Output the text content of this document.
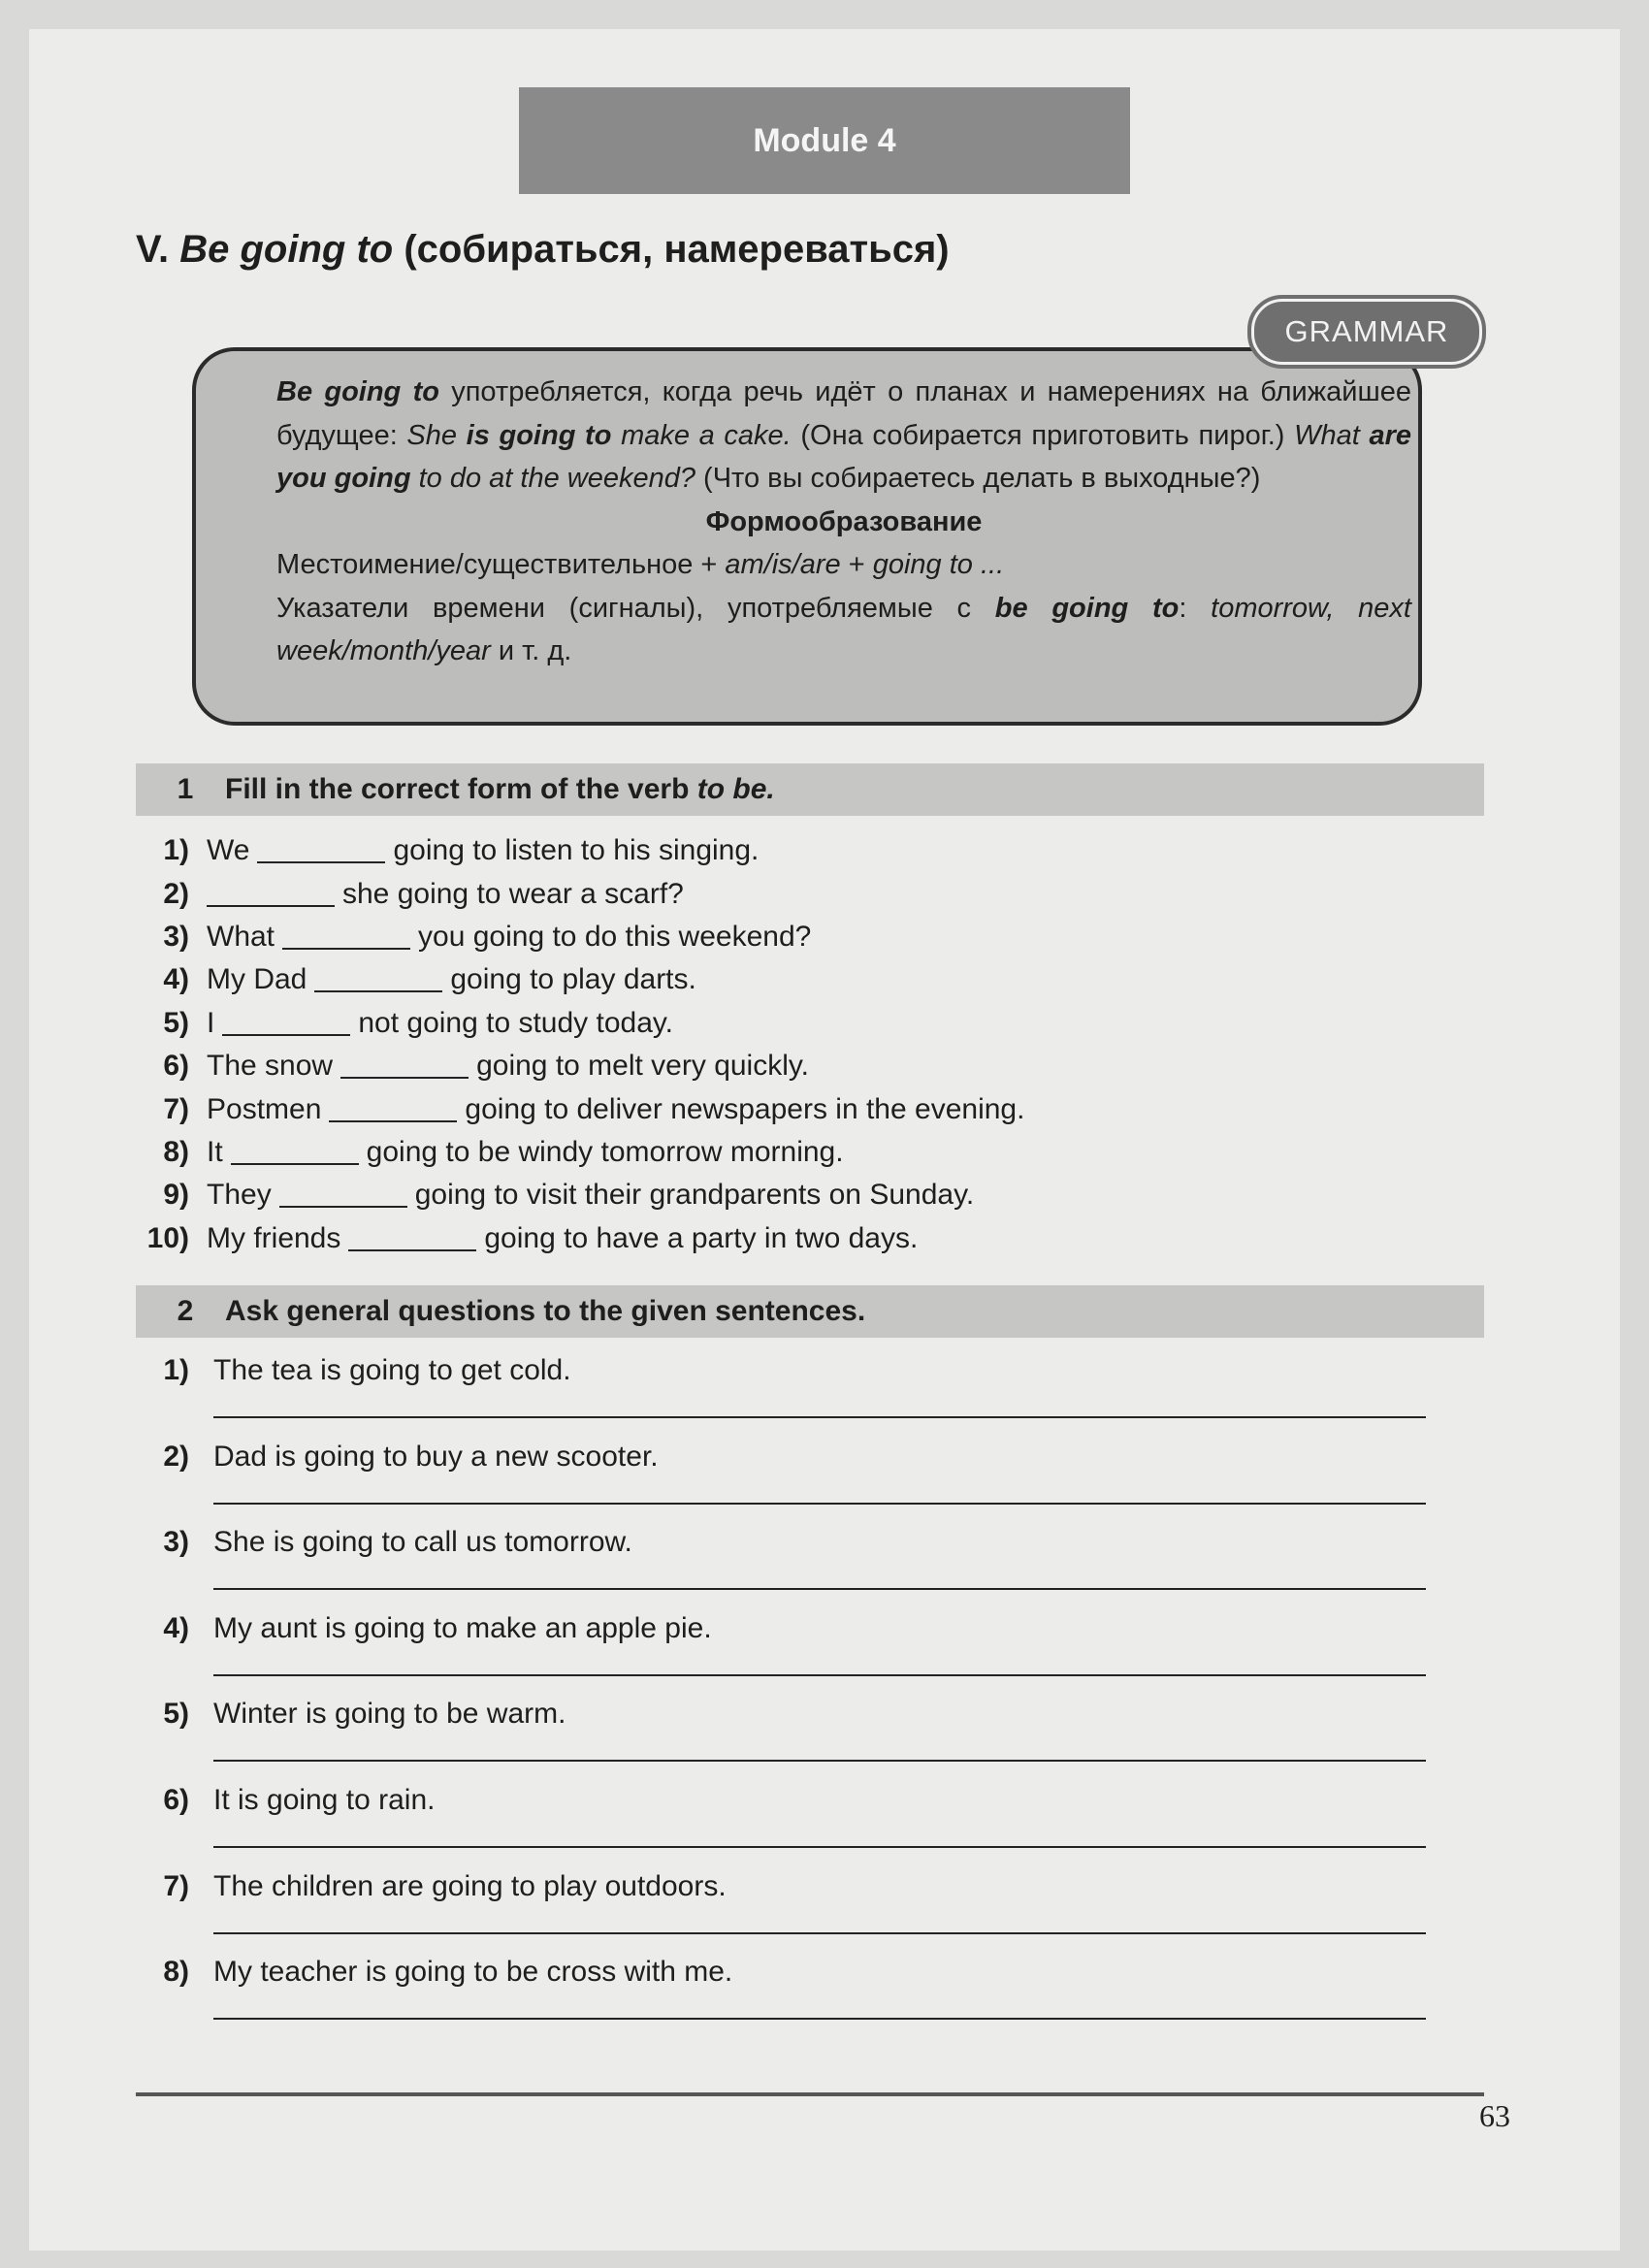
Module 4
V. Be going to (собираться, намереваться)
GRAMMAR

Be going to употребляется, когда речь идёт о планах и намерениях на ближайшее будущее: She is going to make a cake. (Она собирается приготовить пирог.) What are you going to do at the weekend? (Что вы собираетесь делать в выходные?)

Формообразование

Местоимение/существительное + am/is/are + going to ...

Указатели времени (сигналы), употребляемые с be going to: tomorrow, next week/month/year и т. д.

1	Fill in the correct form of the verb to be.
1) We	going to listen to his singing.
2)	she going to wear a scarf?
3) What	you going to do this weekend?
4) My Dad	going to play darts.
5) I	not going to study today.
6) The snow	going to melt very quickly.
7) Postmen	going to deliver newspapers in the evening.
8) It	going to be windy tomorrow morning.
9) They	going to visit their grandparents on Sunday.
10) My friends	going to have a party in two days.
2	Ask general questions to the given sentences.
1) The tea is going to get cold.
2) Dad is going to buy a new scooter.
3) She is going to call us tomorrow.
4) My aunt is going to make an apple pie.
5) Winter is going to be warm.
6) It is going to rain.
7) The children are going to play outdoors.
8) My teacher is going to be cross with me.
63
